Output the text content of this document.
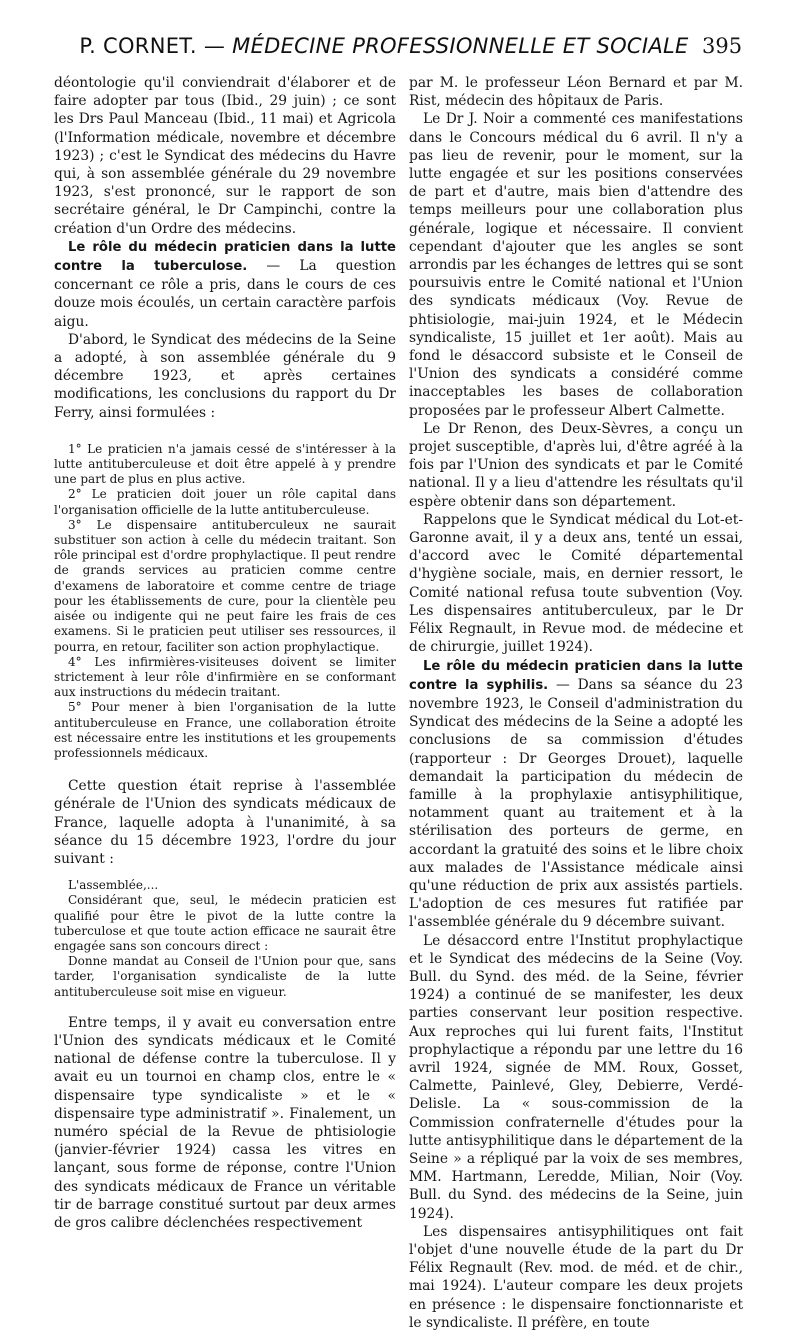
P. CORNET. — MÉDECINE PROFESSIONNELLE ET SOCIALE 395

déontologie qu'il conviendrait d'élaborer et de faire adopter par tous (Ibid., 29 juin) ; ce sont les Drs Paul Manceau (Ibid., 11 mai) et Agricola (l'Information médicale, novembre et décembre 1923) ; c'est le Syndicat des médecins du Havre qui, à son assemblée générale du 29 novembre 1923, s'est prononcé, sur le rapport de son secrétaire général, le Dr Campinchi, contre la création d'un Ordre des médecins.

Le rôle du médecin praticien dans la lutte contre la tuberculose. — La question concernant ce rôle a pris, dans le cours de ces douze mois écoulés, un certain caractère parfois aigu.

D'abord, le Syndicat des médecins de la Seine a adopté, à son assemblée générale du 9 décembre 1923, et après certaines modifications, les conclusions du rapport du Dr Ferry, ainsi formulées :

1° Le praticien n'a jamais cessé de s'intéresser à la lutte antituberculeuse et doit être appelé à y prendre une part de plus en plus active.

2° Le praticien doit jouer un rôle capital dans l'organisation officielle de la lutte antituberculeuse.

3° Le dispensaire antituberculeux ne saurait substituer son action à celle du médecin traitant. Son rôle principal est d'ordre prophylactique. Il peut rendre de grands services au praticien comme centre d'examens de laboratoire et comme centre de triage pour les établissements de cure, pour la clientèle peu aisée ou indigente qui ne peut faire les frais de ces examens. Si le praticien peut utiliser ses ressources, il pourra, en retour, faciliter son action prophylactique.

4° Les infirmières-visiteuses doivent se limiter strictement à leur rôle d'infirmière en se conformant aux instructions du médecin traitant.

5° Pour mener à bien l'organisation de la lutte antituberculeuse en France, une collaboration étroite est nécessaire entre les institutions et les groupements professionnels médicaux.

Cette question était reprise à l'assemblée générale de l'Union des syndicats médicaux de France, laquelle adopta à l'unanimité, à sa séance du 15 décembre 1923, l'ordre du jour suivant :

L'assemblée,...

Considérant que, seul, le médecin praticien est qualifié pour être le pivot de la lutte contre la tuberculose et que toute action efficace ne saurait être engagée sans son concours direct :

Donne mandat au Conseil de l'Union pour que, sans tarder, l'organisation syndicaliste de la lutte antituberculeuse soit mise en vigueur.

Entre temps, il y avait eu conversation entre l'Union des syndicats médicaux et le Comité national de défense contre la tuberculose. Il y avait eu un tournoi en champ clos, entre le « dispensaire type syndicaliste » et le « dispensaire type administratif ». Finalement, un numéro spécial de la Revue de phtisiologie (janvier-février 1924) cassa les vitres en lançant, sous forme de réponse, contre l'Union des syndicats médicaux de France un véritable tir de barrage constitué surtout par deux armes de gros calibre déclenchées respectivement

par M. le professeur Léon Bernard et par M. Rist, médecin des hôpitaux de Paris.

Le Dr J. Noir a commenté ces manifestations dans le Concours médical du 6 avril. Il n'y a pas lieu de revenir, pour le moment, sur la lutte engagée et sur les positions conservées de part et d'autre, mais bien d'attendre des temps meilleurs pour une collaboration plus générale, logique et nécessaire. Il convient cependant d'ajouter que les angles se sont arrondis par les échanges de lettres qui se sont poursuivis entre le Comité national et l'Union des syndicats médicaux (Voy. Revue de phtisiologie, mai-juin 1924, et le Médecin syndicaliste, 15 juillet et 1er août). Mais au fond le désaccord subsiste et le Conseil de l'Union des syndicats a considéré comme inacceptables les bases de collaboration proposées par le professeur Albert Calmette.

Le Dr Renon, des Deux-Sèvres, a conçu un projet susceptible, d'après lui, d'être agréé à la fois par l'Union des syndicats et par le Comité national. Il y a lieu d'attendre les résultats qu'il espère obtenir dans son département.

Rappelons que le Syndicat médical du Lot-et-Garonne avait, il y a deux ans, tenté un essai, d'accord avec le Comité départemental d'hygiène sociale, mais, en dernier ressort, le Comité national refusa toute subvention (Voy. Les dispensaires antituberculeux, par le Dr Félix Regnault, in Revue mod. de médecine et de chirurgie, juillet 1924).

Le rôle du médecin praticien dans la lutte contre la syphilis. — Dans sa séance du 23 novembre 1923, le Conseil d'administration du Syndicat des médecins de la Seine a adopté les conclusions de sa commission d'études (rapporteur : Dr Georges Drouet), laquelle demandait la participation du médecin de famille à la prophylaxie antisyphilitique, notamment quant au traitement et à la stérilisation des porteurs de germe, en accordant la gratuité des soins et le libre choix aux malades de l'Assistance médicale ainsi qu'une réduction de prix aux assistés partiels. L'adoption de ces mesures fut ratifiée par l'assemblée générale du 9 décembre suivant.

Le désaccord entre l'Institut prophylactique et le Syndicat des médecins de la Seine (Voy. Bull. du Synd. des méd. de la Seine, février 1924) a continué de se manifester, les deux parties conservant leur position respective. Aux reproches qui lui furent faits, l'Institut prophylactique a répondu par une lettre du 16 avril 1924, signée de MM. Roux, Gosset, Calmette, Painlevé, Gley, Debierre, Verdé-Delisle. La « sous-commission de la Commission confraternelle d'études pour la lutte antisyphilitique dans le département de la Seine » a répliqué par la voix de ses membres, MM. Hartmann, Leredde, Milian, Noir (Voy. Bull. du Synd. des médecins de la Seine, juin 1924).

Les dispensaires antisyphilitiques ont fait l'objet d'une nouvelle étude de la part du Dr Félix Regnault (Rev. mod. de méd. et de chir., mai 1924). L'auteur compare les deux projets en présence : le dispensaire fonctionnariste et le syndicaliste. Il préfère, en toute
